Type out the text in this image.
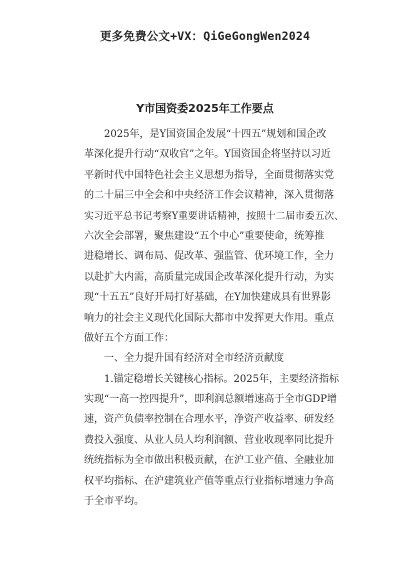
更多免费公文+VX：QiGeGongWen2024
Y市国资委2025年工作要点
2025年，是Y国资国企发展“十四五”规划和国企改
革深化提升行动“双收官”之年。Y国资国企将坚持以习近
平新时代中国特色社会主义思想为指导，全面贯彻落实党
的二十届三中全会和中央经济工作会议精神，深入贯彻落
实习近平总书记考察Y重要讲话精神，按照十二届市委五次、
六次全会部署，聚焦建设“五个中心”重要使命，统筹推
进稳增长、调布局、促改革、强监管、优环境工作，全力
以赴扩大内需，高质量完成国企改革深化提升行动，为实
现“十五五”良好开局打好基础，在Y加快建成具有世界影
响力的社会主义现代化国际大都市中发挥更大作用。重点
做好五个方面工作：
一、全力提升国有经济对全市经济贡献度
1.锚定稳增长关键核心指标。2025年，主要经济指标
实现“一高一控四提升”，即利润总额增速高于全市GDP增
速，资产负债率控制在合理水平，净资产收益率、研发经
费投入强度、从业人员人均利润额、营业收现率同比提升
统统指标为全市做出积极贡献，在沪工业产值、全融业加
权平均指标、在沪建筑业产值等重点行业指标增速力争高
于全市平均。
